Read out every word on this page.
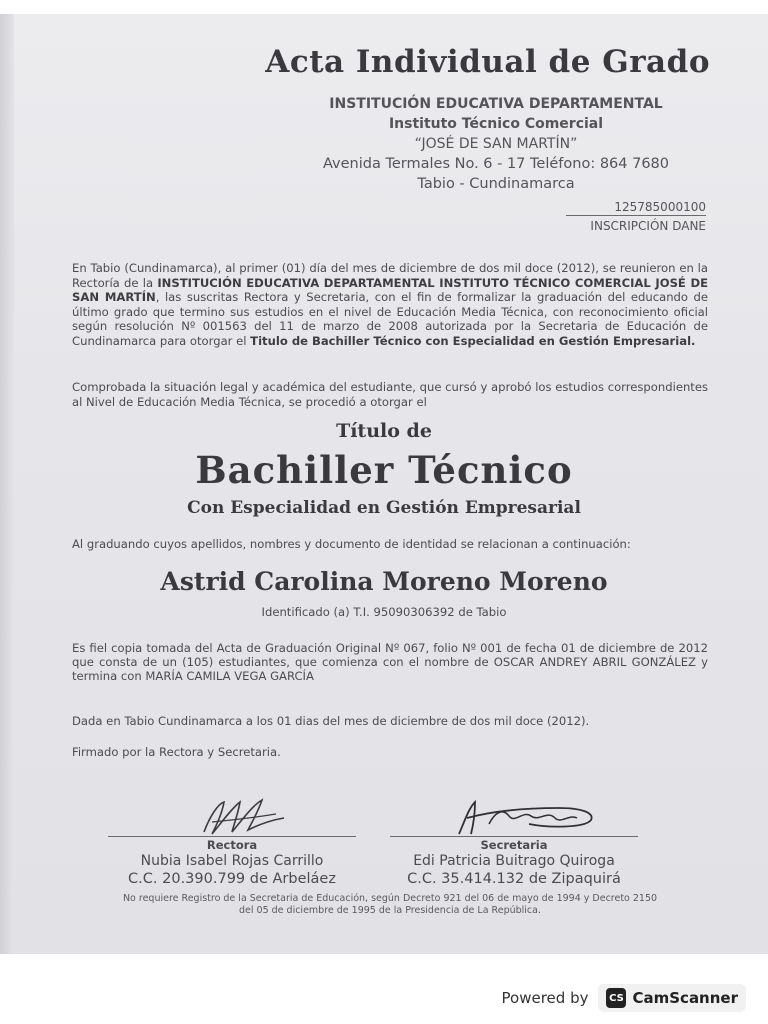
Acta Individual de Grado
INSTITUCIÓN EDUCATIVA DEPARTAMENTAL
Instituto Técnico Comercial
“JOSÉ DE SAN MARTÍN”
Avenida Termales No. 6 - 17 Teléfono: 864 7680
Tabio - Cundinamarca
125785000100
INSCRIPCIÓN DANE
En Tabio (Cundinamarca), al primer (01) día del mes de diciembre de dos mil doce (2012), se reunieron en la Rectoría de la INSTITUCIÓN EDUCATIVA DEPARTAMENTAL INSTITUTO TÉCNICO COMERCIAL JOSÉ DE SAN MARTÍN, las suscritas Rectora y Secretaria, con el fin de formalizar la graduación del educando de último grado que termino sus estudios en el nivel de Educación Media Técnica, con reconocimiento oficial según resolución Nº 001563 del 11 de marzo de 2008 autorizada por la Secretaria de Educación de Cundinamarca para otorgar el Titulo de Bachiller Técnico con Especialidad en Gestión Empresarial.
Comprobada la situación legal y académica del estudiante, que cursó y aprobó los estudios correspondientes al Nivel de Educación Media Técnica, se procedió a otorgar el
Título de
Bachiller Técnico
Con Especialidad en Gestión Empresarial
Al graduando cuyos apellidos, nombres y documento de identidad se relacionan a continuación:
Astrid Carolina Moreno Moreno
Identificado (a) T.I. 95090306392 de Tabio
Es fiel copia tomada del Acta de Graduación Original Nº 067, folio Nº 001 de fecha 01 de diciembre de 2012 que consta de un (105) estudiantes, que comienza con el nombre de OSCAR ANDREY ABRIL GONZÁLEZ y termina con MARÍA CAMILA VEGA GARCÍA
Dada en Tabio Cundinamarca a los 01 dias del mes de diciembre de dos mil doce (2012).
Firmado por la Rectora y Secretaria.
Rectora
Nubia Isabel Rojas Carrillo
C.C. 20.390.799 de Arbeláez
Secretaria
Edi Patricia Buitrago Quiroga
C.C. 35.414.132 de Zipaquirá
No requiere Registro de la Secretaria de Educación, según Decreto 921 del 06 de mayo de 1994 y Decreto 2150 del 05 de diciembre de 1995 de la Presidencia de La República.
Powered by CS CamScanner
